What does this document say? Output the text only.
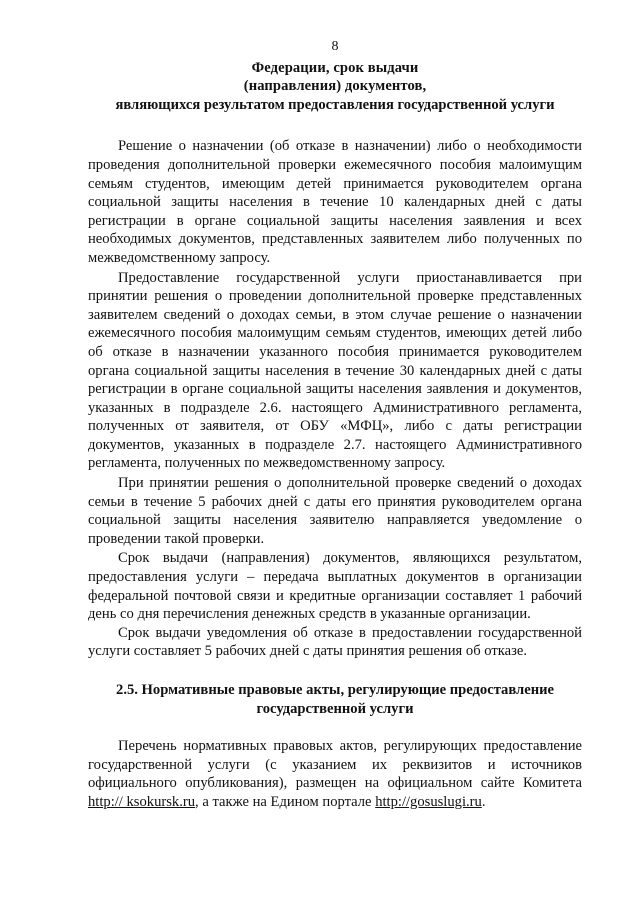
8
Федерации, срок выдачи
(направления) документов,
являющихся результатом предоставления государственной услуги

Решение о назначении (об отказе в назначении) либо о необходимости проведения дополнительной проверки ежемесячного пособия малоимущим семьям студентов, имеющим детей принимается руководителем органа социальной защиты населения в течение 10 календарных дней с даты регистрации в органе социальной защиты населения заявления и всех необходимых документов, представленных заявителем либо полученных по межведомственному запросу.

Предоставление государственной услуги приостанавливается при принятии решения о проведении дополнительной проверке представленных заявителем сведений о доходах семьи, в этом случае решение о назначении ежемесячного пособия малоимущим семьям студентов, имеющих детей либо об отказе в назначении указанного пособия принимается руководителем органа социальной защиты населения в течение 30 календарных дней с даты регистрации в органе социальной защиты населения заявления и документов, указанных в подразделе 2.6. настоящего Административного регламента, полученных от заявителя, от ОБУ «МФЦ», либо с даты регистрации документов, указанных в подразделе 2.7. настоящего Административного регламента, полученных по межведомственному запросу.

При принятии решения о дополнительной проверке сведений о доходах семьи в течение 5 рабочих дней с даты его принятия руководителем органа социальной защиты населения заявителю направляется уведомление о проведении такой проверки.

Срок выдачи (направления) документов, являющихся результатом, предоставления услуги – передача выплатных документов в организации федеральной почтовой связи и кредитные организации составляет 1 рабочий день со дня перечисления денежных средств в указанные организации.

Срок выдачи уведомления об отказе в предоставлении государственной услуги составляет 5 рабочих дней с даты принятия решения об отказе.

2.5. Нормативные правовые акты, регулирующие предоставление
государственной услуги

Перечень нормативных правовых актов, регулирующих предоставление государственной услуги (с указанием их реквизитов и источников официального опубликования), размещен на официальном сайте Комитета http:// ksokursk.ru, а также на Едином портале http://gosuslugi.ru.
